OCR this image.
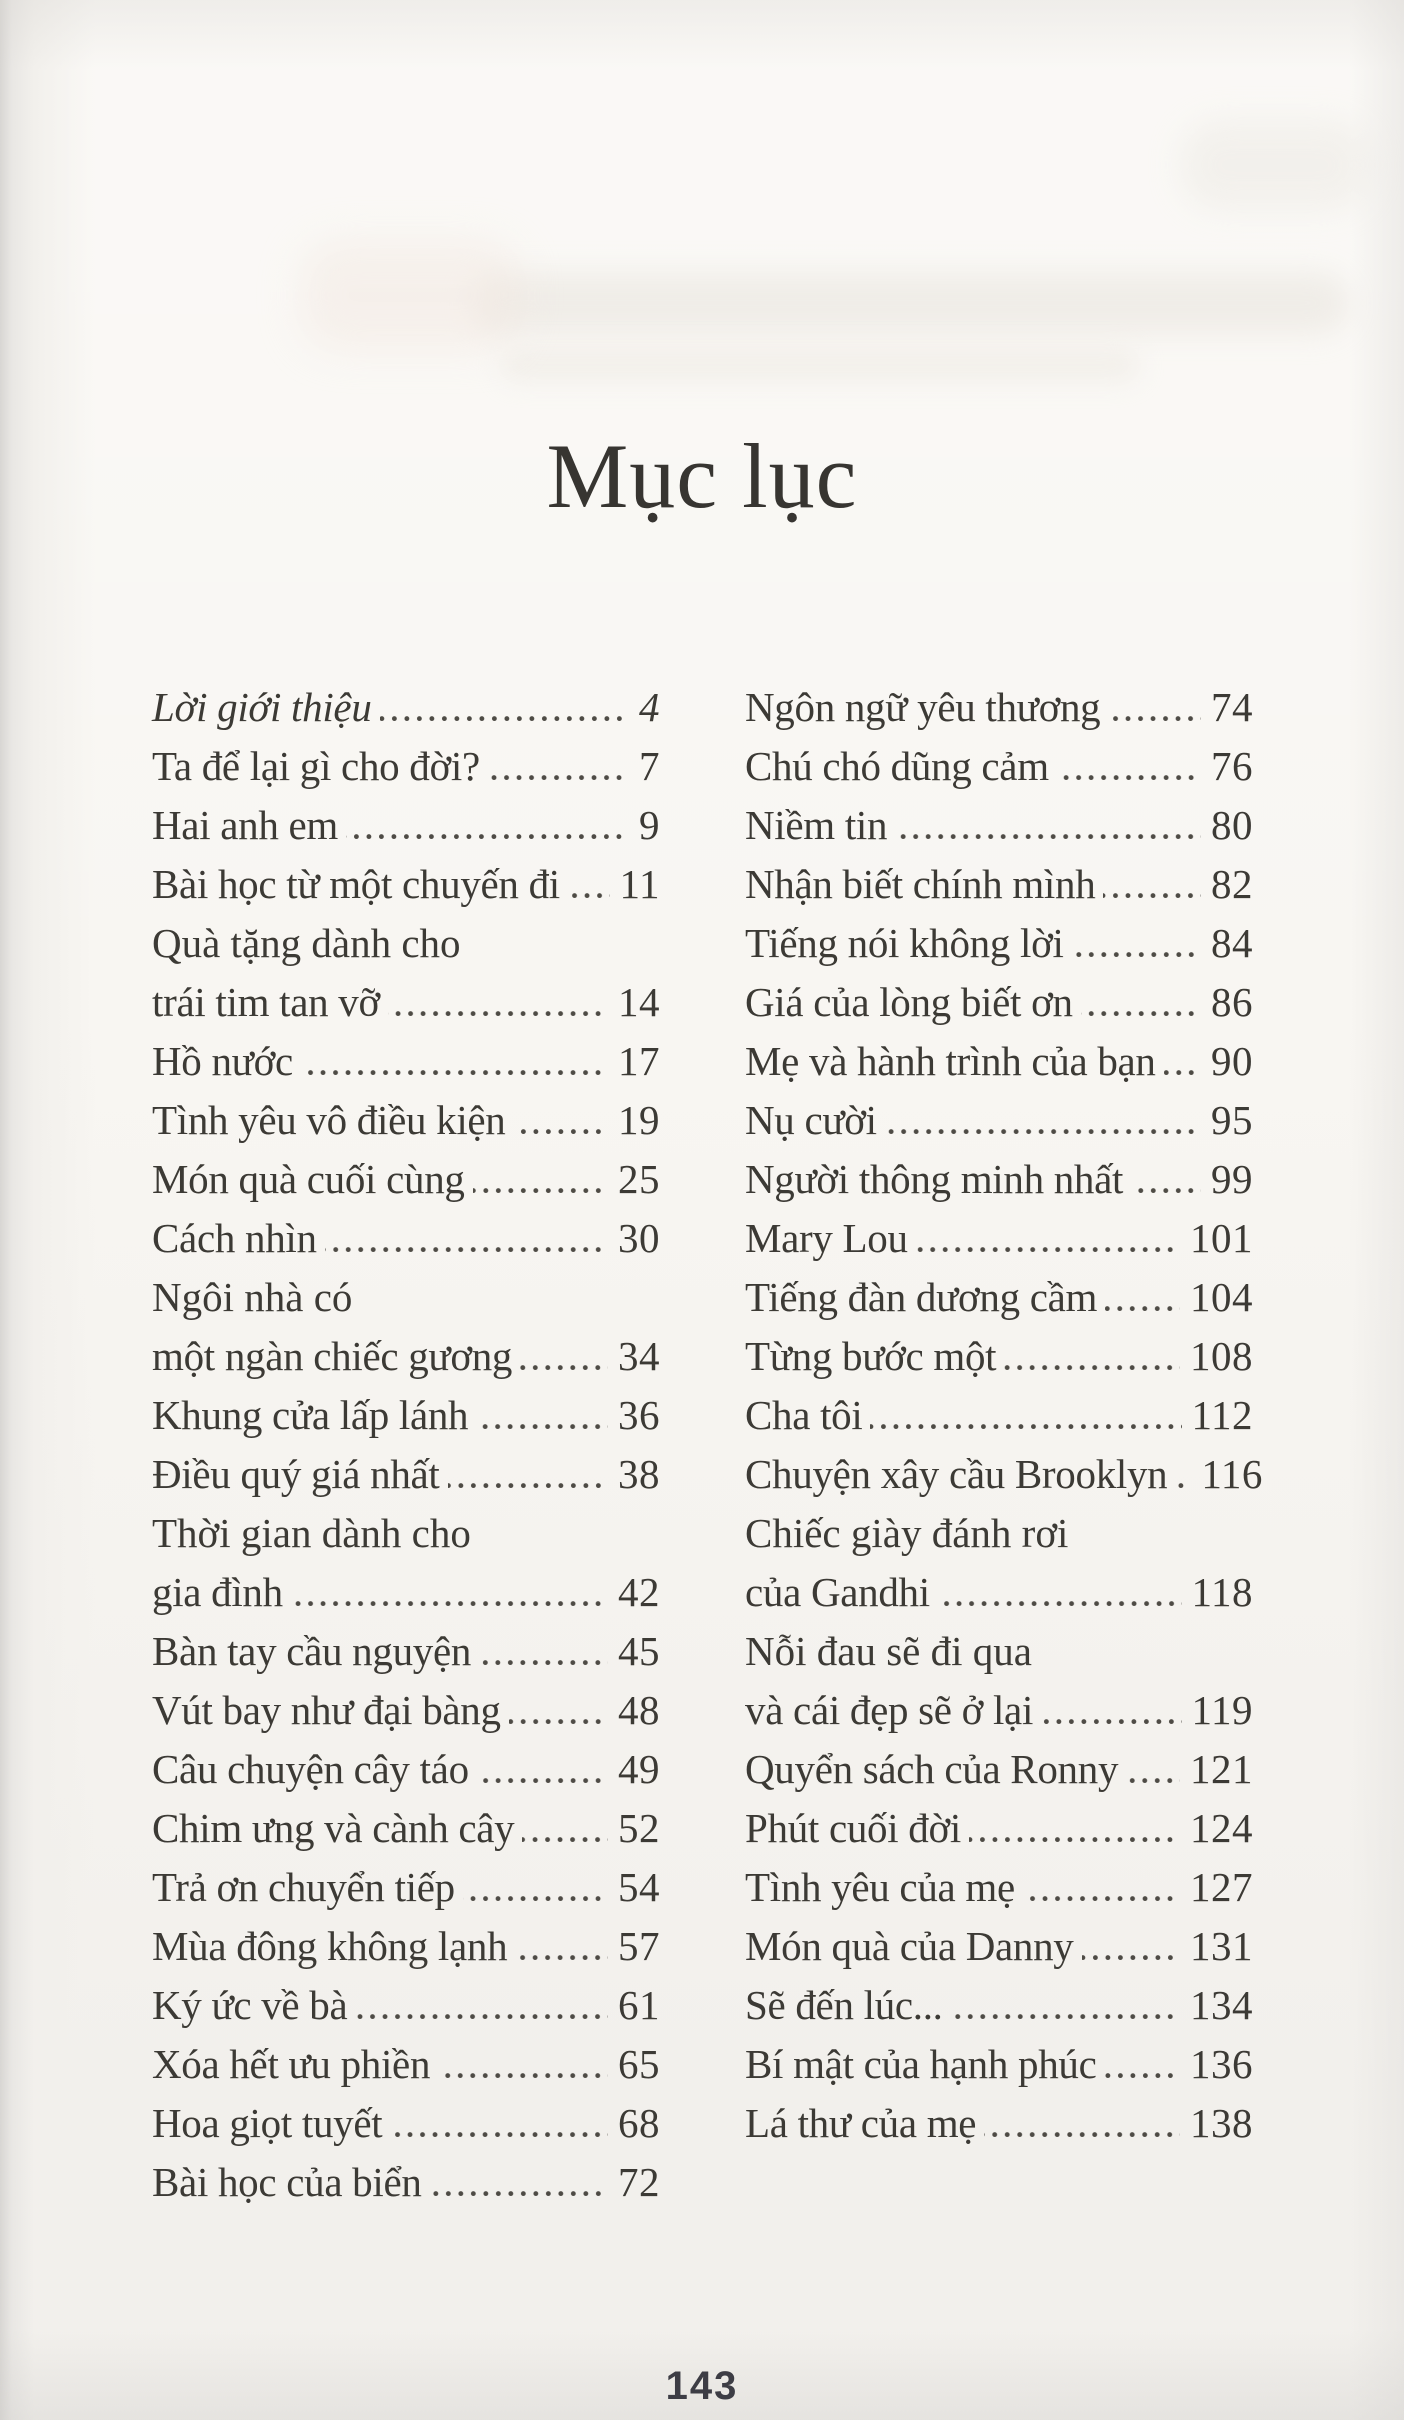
Mục lục
Lời giới thiệu	4
Ta để lại gì cho đời?	7
Hai anh em	9
Bài học từ một chuyến đi 11
Quà tặng dành cho
trái tim tan vỡ	14
Hồ nước	17
Tình yêu vô điều kiện	19
Món quà cuối cùng	25
Cách nhìn	30
Ngôi nhà có
một ngàn chiếc gương	34
Khung cửa lấp lánh	36
Điều quý giá nhất	38
Thời gian dành cho
gia đình	42
Bàn tay cầu nguyện	45
Vút bay như đại bàng	48
Câu chuyện cây táo	49
Chim ưng và cành cây	52
Trả ơn chuyển tiếp	54
Mùa đông không lạnh	57
Ký ức về bà	61
Xóa hết ưu phiền	65
Hoa giọt tuyết	68
Bài học của biển	72
Ngôn ngữ yêu thương	74
Chú chó dũng cảm	76
Niềm tin	80
Nhận biết chính mình	82
Tiếng nói không lời	84
Giá của lòng biết ơn	86
Mẹ và hành trình của bạn 90
Nụ cười	95
Người thông minh nhất 99
Mary Lou	101
Tiếng đàn dương cầm 104
Từng bước một	108
Cha tôi	112
Chuyện xây cầu Brooklyn 116
Chiếc giày đánh rơi
của Gandhi	118
Nỗi đau sẽ đi qua
và cái đẹp sẽ ở lại	119
Quyển sách của Ronny 121
Phút cuối đời	124
Tình yêu của mẹ	127
Món quà của Danny	131
Sẽ đến lúc...	134
Bí mật của hạnh phúc 136
Lá thư của mẹ	138
143
